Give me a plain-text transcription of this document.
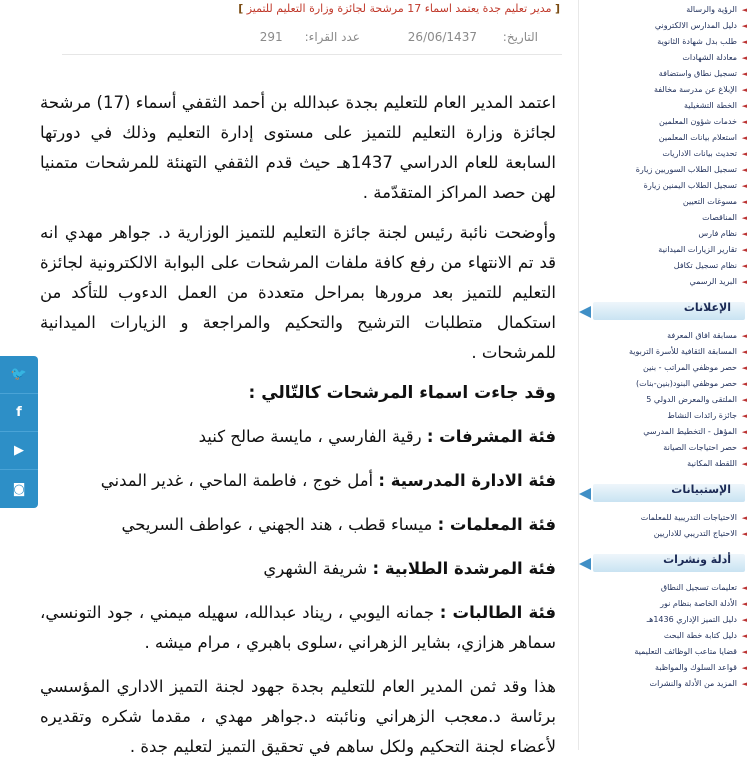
[ مدير تعليم جدة يعتمد اسماء 17 مرشحة لجائزة وزارة التعليم للتميز ]
التاريخ: 26/06/1437 عدد القراء:291

اعتمد المدير العام للتعليم بجدة عبدالله بن أحمد الثقفي أسماء (17) مرشحة لجائزة وزارة التعليم للتميز على مستوى إدارة التعليم وذلك في دورتها السابعة للعام الدراسي 1437هـ حيث قدم الثقفي التهنئة للمرشحات متمنيا لهن حصد المراكز المتقدّمة .

وأوضحت نائبة رئيس لجنة جائزة التعليم للتميز الوزارية د. جواهر مهدي انه قد تم الانتهاء من رفع كافة ملفات المرشحات على البوابة الالكترونية لجائزة التعليم للتميز بعد مرورها بمراحل متعددة من العمل الدءوب للتأكد من استكمال متطلبات الترشيح والتحكيم والمراجعة و الزيارات الميدانية للمرشحات .

وقد جاءت اسماء المرشحات كالتّالي :
فئة المشرفات : رقية الفارسي ، مايسة صالح كنيد
فئة الادارة المدرسية : أمل خوج ، فاطمة الماحي ، غدير المدني
فئة المعلمات : ميساء قطب ، هند الجهني ، عواطف السريحي
فئة المرشدة الطلابية : شريفة الشهري
فئة الطالبات : جمانه اليوبي ، ريناد عبدالله، سهيله ميمني ، جود التونسي، سماهر هزازي، بشاير الزهراني ،سلوى باهبري ، مرام ميشه .

هذا وقد ثمن المدير العام للتعليم بجدة جهود لجنة التميز الاداري المؤسسي برئاسة د.معجب الزهراني ونائبته د.جواهر مهدي ، مقدما شكره وتقديره لأعضاء لجنة التحكيم ولكل ساهم في تحقيق التميز لتعليم جدة .

◄
الرؤية والرسالة
◄
دليل المدارس الالكتروني
◄
طلب بدل شهادة الثانوية
◄
معادلة الشهادات
◄
تسجيل نطاق واستضافة
◄
الإبلاغ عن مدرسة مخالفة
◄
الخطة التشغيلية
◄
خدمات شؤون المعلمين
◄
استعلام بيانات المعلمين
◄
تحديث بيانات الاداريات
◄
تسجيل الطلاب السوريين زيارة
◄
تسجيل الطلاب اليمنين زيارة
◄
مسوغات التعيين
◄
المناقصات
◄
نظام فارس
◄
تقارير الزيارات الميدانية
◄
نظام تسجيل تكافل
◄
البريد الرسمي
الإعلانات
◄
مسابقة افاق المعرفة
◄
المسابقة الثقافية للأسرة التربوية
◄
حصر موظفي المراتب - بنين
◄
حصر موظفي البنود(بنين-بنات)
◄
الملتقى والمعرض الدولي 5
◄
جائزة رائدات النشاط
◄
المؤهل - التخطيط المدرسي
◄
حصر احتياجات الصيانة
◄
اللقطة المكانية
الإستبيانات
◄
الاحتياجات التدريبية للمعلمات
◄
الاحتياج التدريبي للاداريين
أدلة ونشرات
◄
تعليمات تسجيل النطاق
◄
الأدلة الخاصة بنظام نور
◄
دليل التميز الإداري 1436هـ
◄
دليل كتابة خطة البحث
◄
قضايا متاعب الوظائف التعليمية
◄
قواعد السلوك والمواظبة
◄
المزيد من الأدلة والنشرات
🐦
f
▶
◙
